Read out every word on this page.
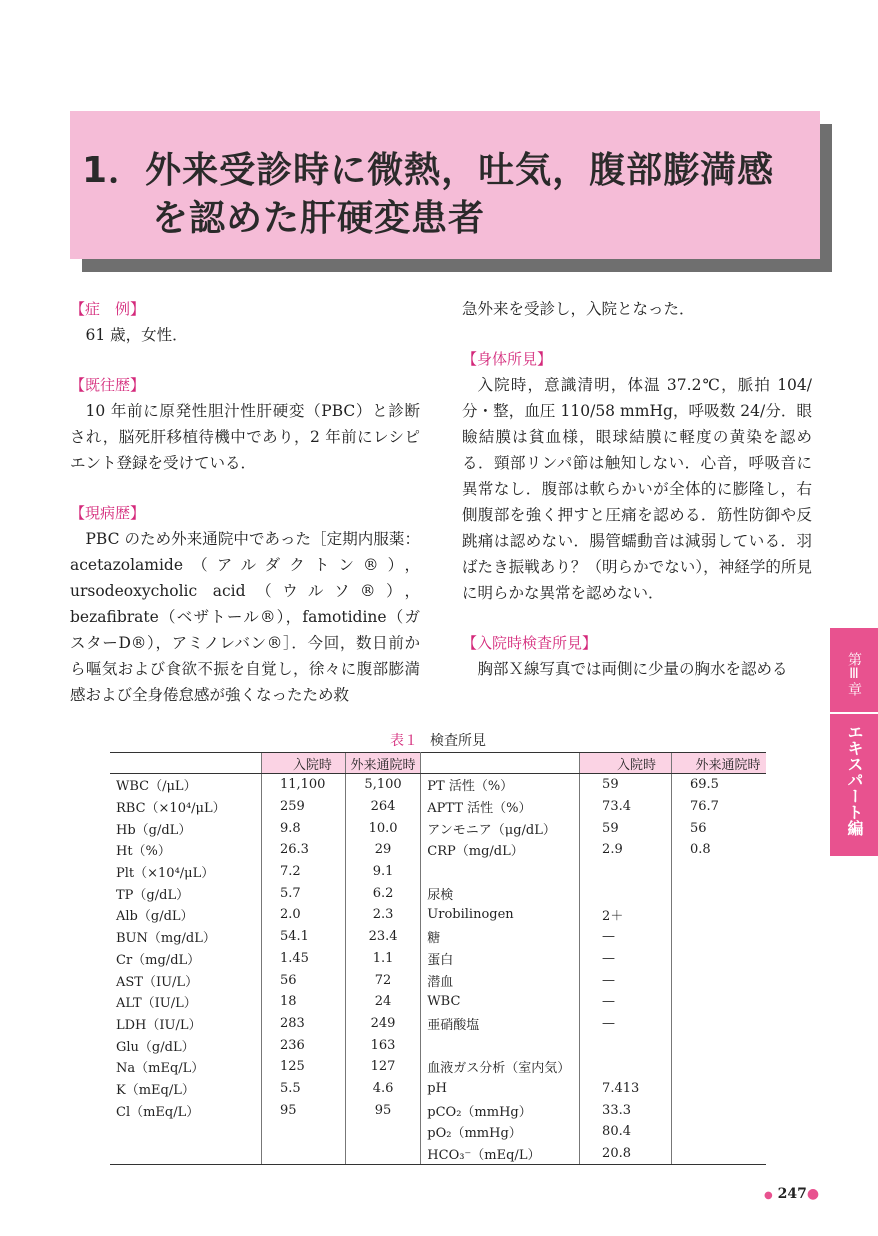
1．外来受診時に微熱，吐気，腹部膨満感
を認めた肝硬変患者
【症　例】

61 歳，女性．

【既往歴】

10 年前に原発性胆汁性肝硬変（PBC）と診断され，脳死肝移植待機中であり，2 年前にレシピエント登録を受けている．

【現病歴】

PBC のため外来通院中であった［定期内服薬：acetazolamide（アルダクトン®），ursodeoxycholic acid（ウルソ®），bezafibrate（ベザトール®），famotidine（ガスターD®），アミノレバン®］．今回，数日前から嘔気および食欲不振を自覚し，徐々に腹部膨満感および全身倦怠感が強くなったため救

急外来を受診し，入院となった．

【身体所見】

入院時，意識清明，体温 37.2℃，脈拍 104/分・整，血圧 110/58 mmHg，呼吸数 24/分．眼瞼結膜は貧血様，眼球結膜に軽度の黄染を認める．頸部リンパ節は触知しない．心音，呼吸音に異常なし．腹部は軟らかいが全体的に膨隆し，右側腹部を強く押すと圧痛を認める．筋性防御や反跳痛は認めない．腸管蠕動音は減弱している．羽ばたき振戦あり？（明らかでない），神経学的所見に明らかな異常を認めない．

【入院時検査所見】

胸部Ｘ線写真では両側に少量の胸水を認める	第Ⅲ章
エキスパート編
表１ 検査所見
	入院時	外来通院時		入院時	外来通院時
WBC（/μL）	11,100	5,100	PT 活性（%）	59	69.5
RBC（×10⁴/μL）	259	264	APTT 活性（%）	73.4	76.7
Hb（g/dL）	9.8	10.0	アンモニア（μg/dL）	59	56
Ht（%）	26.3	29	CRP（mg/dL）	2.9	0.8
Plt（×10⁴/μL）	7.2	9.1			
TP（g/dL）	5.7	6.2	尿検		
Alb（g/dL）	2.0	2.3	Urobilinogen	2＋	
BUN（mg/dL）	54.1	23.4	糖	—	
Cr（mg/dL）	1.45	1.1	蛋白	—	
AST（IU/L）	56	72	潜血	—	
ALT（IU/L）	18	24	WBC	—	
LDH（IU/L）	283	249	亜硝酸塩	—	
Glu（g/dL）	236	163			
Na（mEq/L）	125	127	血液ガス分析（室内気）		
K（mEq/L）	5.5	4.6	pH	7.413	
Cl（mEq/L）	95	95	pCO₂（mmHg）	33.3	
			pO₂（mmHg）	80.4	
			HCO₃⁻（mEq/L）	20.8	
● 247●
